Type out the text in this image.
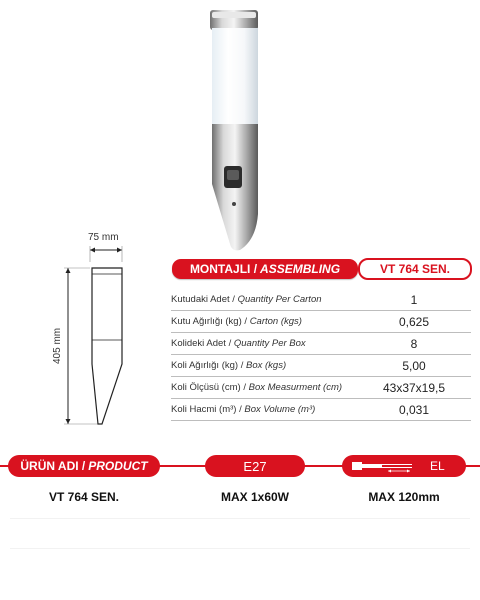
75 mm
405 mm
MONTAJLI / ASSEMBLING	VT 764 SEN.
Kutudaki Adet / Quantity Per Carton	1
Kutu Ağırlığı (kg) / Carton (kgs)	0,625
Kolideki Adet / Quantity Per Box	8
Koli Ağırlığı (kg) / Box (kgs)	5,00
Koli Ölçüsü (cm) / Box Measurment (cm)	43x37x19,5
Koli Hacmi (m³) / Box Volume (m³)	0,031
ÜRÜN ADI / PRODUCT	E27	EL
VT 764 SEN.	MAX 1x60W	MAX 120mm
